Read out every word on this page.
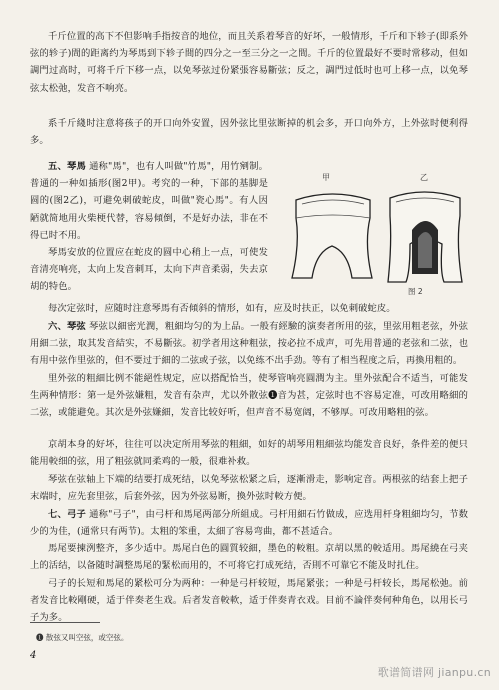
千斤位置的高下不但影响手指按音的地位，而且关系着琴音的好坏，一般情形，千斤和下轸子(即系外弦的轸子)間的距离约为琴馬到下轸子間的四分之一至三分之一之間。千斤的位置最好不要时常移动，但如調門过高时，可将千斤下移一点，以免琴弦过份紧張容易斷弦；反之，調門过低时也可上移一点，以免琴弦太松弛，发音不响亮。

系千斤綫时注意将孩子的开口向外安置，因外弦比里弦断掉的机会多，开口向外方，上外弦时便利得多。

五、琴馬 通称"馬"，也有人叫做"竹馬"，用竹剜制。普通的一种如插形(图2甲)。考究的一种，下部的基脚是圆的(图2乙)，可避免刺破蛇皮，叫做"瓷心馬"。有人因陋就简地用火柴梗代替，容易傾倒，不是好办法，非在不得已时不用。

琴馬安放的位置应在蛇皮的圆中心稍上一点，可使发音清亮响亮，太向上发音刺耳，太向下声音柔弱，失去京胡的特色。

甲	乙
图 2

每次定弦时，应随时注意琴馬有否傾斜的情形，如有，应及时扶正，以免刺破蛇皮。

六、琴弦 琴弦以細密光潤，粗細均匀的为上品。一般有經驗的演奏者所用的弦，里弦用粗老弦，外弦用細二弦，取其发音結实，不易斷弦。初学者用这种粗弦，按必拉不成声，可先用普通的老弦和二弦，也有用中弦作里弦的，但不要过于細的二弦或子弦，以免练不出手劲。等有了相当程度之后，再換用粗的。

里外弦的粗細比例不能絕性规定，应以搭配恰当，使琴管响亮圓潤为主。里外弦配合不适当，可能发生两种情形：第一是外弦嫌粗，发音有杂声，尤以外散弦❶音为甚，定弦时也不容易定准，可改用略細的二弦，或能避免。其次是外弦嫌細，发音比较好听，但声音不易宽阔，不够厚。可改用略粗的弦。

京胡本身的好坏，往往可以决定所用琴弦的粗細，如好的胡琴用粗細弦均能发音良好，条件差的便只能用較细的弦，用了粗弦就同柔鸡的一般，很难补救。

琴弦在弦轴上下端的结要打成死结，以免琴弦松紧之后，逐漸滑走，影响定音。两根弦的结套上把子末端时，应先套里弦，后套外弦，因为外弦易断，換外弦时較方便。

七、弓子 通称"弓子"，由弓杆和馬尾两部分所組成。弓杆用細石竹做成，应选用杆身粗細均匀，节数少的为佳，(通常只有两节)。太粗的笨重，太細了容易弯曲，都不甚适合。

馬尾要揀洌整齐，多少适中。馬尾白色的圓質较細，墨色的較粗。京胡以黑的較适用。馬尾繞在弓夹上的活结，以备随时調整馬尾的緊松而用的，不可将它打成死结，否則不可靠它不能及时扎住。

弓子的长短和馬尾的紧松可分为两种：一种是弓杆较短，馬尾紧张；一种是弓杆较长，馬尾松弛。前者发音比較剛硬，适于伴奏老生戏。后者发音較軟，适于伴奏青衣戏。目前不論伴奏何种角色，以用长弓子为多。

❶ 散弦又叫空弦，或空弦。
4
歌谱简谱网 jianpu.cn
